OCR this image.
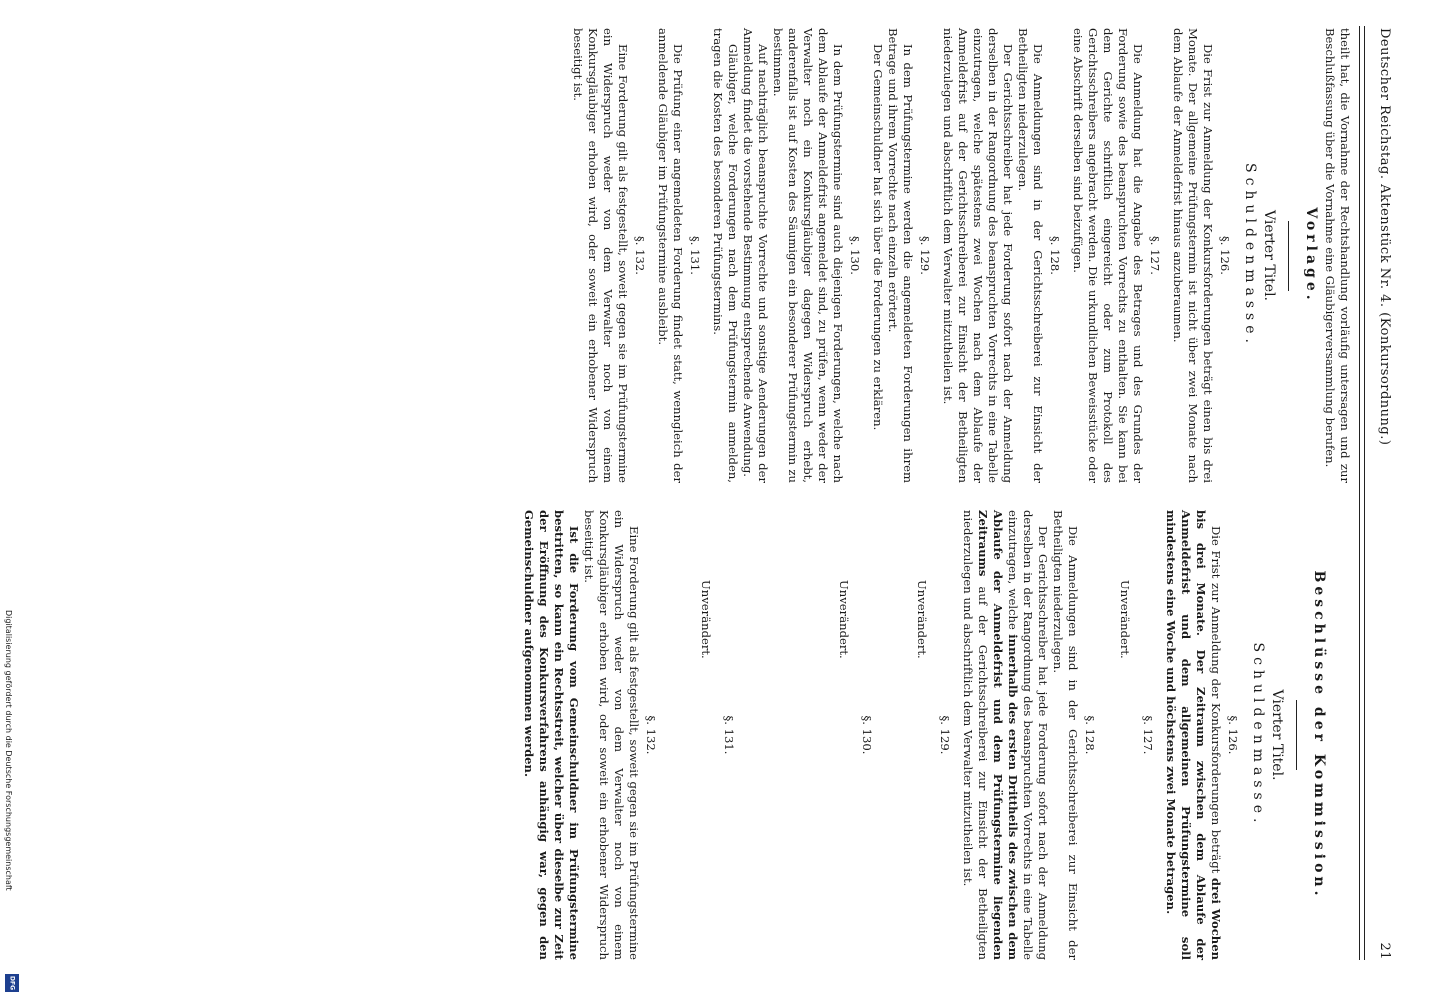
Deutscher Reichstag. Aktenstück Nr. 4. (Konkursordnung.)
21

theilt hat, die Vornahme der Rechtshandlung vorläufig untersagen und zur Beschlußfassung über die Vornahme eine Gläubigerversammlung berufen.

Vorlage.
Vierter Titel.
Schuldenmasse.
§. 126.

Die Frist zur Anmeldung der Konkursforderungen beträgt einen bis drei Monate. Der allgemeine Prüfungstermin ist nicht über zwei Monate nach dem Ablaufe der Anmeldefrist hinaus anzuberaumen.

§. 127.

Die Anmeldung hat die Angabe des Betrages und des Grundes der Forderung sowie des beanspruchten Vorrechts zu enthalten. Sie kann bei dem Gerichte schriftlich eingereicht oder zum Protokoll des Gerichtsschreibers angebracht werden. Die urkundlichen Beweisstücke oder eine Abschrift derselben sind beizufügen.

§. 128.

Die Anmeldungen sind in der Gerichtsschreiberei zur Einsicht der Betheiligten niederzulegen.

Der Gerichtsschreiber hat jede Forderung sofort nach der Anmeldung derselben in der Rangordnung des beanspruchten Vorrechts in eine Tabelle einzutragen, welche spätestens zwei Wochen nach dem Ablaufe der Anmeldefrist auf der Gerichtsschreiberei zur Einsicht der Betheiligten niederzulegen und abschriftlich dem Verwalter mitzutheilen ist.

§. 129.

In dem Prüfungstermine werden die angemeldeten Forderungen ihrem Betrage und ihrem Vorrechte nach einzeln erörtert.

Der Gemeinschuldner hat sich über die Forderungen zu erklären.

§. 130.

In dem Prüfungstermine sind auch diejenigen Forderungen, welche nach dem Ablaufe der Anmeldefrist angemeldet sind, zu prüfen, wenn weder der Verwalter noch ein Konkursgläubiger dagegen Widerspruch erhebt, anderenfalls ist auf Kosten des Säumigen ein besonderer Prüfungstermin zu bestimmen.

Auf nachträglich beanspruchte Vorrechte und sonstige Aenderungen der Anmeldung findet die vorstehende Bestimmung entsprechende Anwendung.

Gläubiger, welche Forderungen nach dem Prüfungstermin anmelden, tragen die Kosten des besonderen Prüfungstermins.

§. 131.

Die Prüfung einer angemeldeten Forderung findet statt, wenngleich der anmeldende Gläubiger im Prüfungstermine ausbleibt.

§. 132.

Eine Forderung gilt als festgestellt, soweit gegen sie im Prüfungstermine ein Widerspruch weder von dem Verwalter noch von einem Konkursgläubiger erhoben wird, oder soweit ein erhobener Widerspruch beseitigt ist.

Beschlüsse der Kommission.
Vierter Titel.
Schuldenmasse.
§. 126.

Die Frist zur Anmeldung der Konkursforderungen beträgt drei Wochen bis drei Monate. Der Zeitraum zwischen dem Ablaufe der Anmeldefrist und dem allgemeinen Prüfungstermine soll mindestens eine Woche und höchstens zwei Monate betragen.

§. 127.
Unverändert.
§. 128.

Die Anmeldungen sind in der Gerichtsschreiberei zur Einsicht der Betheiligten niederzulegen.

Der Gerichtsschreiber hat jede Forderung sofort nach der Anmeldung derselben in der Rangordnung des beanspruchten Vorrechts in eine Tabelle einzutragen, welche innerhalb des ersten Drittheils des zwischen dem Ablaufe der Anmeldefrist und dem Prüfungstermine liegenden Zeitraums auf der Gerichtsschreiberei zur Einsicht der Betheiligten niederzulegen und abschriftlich dem Verwalter mitzutheilen ist.

§. 129.
Unverändert.
§. 130.
Unverändert.
§. 131.
Unverändert.
§. 132.

Eine Forderung gilt als festgestellt, soweit gegen sie im Prüfungstermine ein Widerspruch weder von dem Verwalter noch von einem Konkursgläubiger erhoben wird, oder soweit ein erhobener Widerspruch beseitigt ist.

Ist die Forderung vom Gemeinschuldner im Prüfungstermine bestritten, so kann ein Rechtsstreit, welcher über dieselbe zur Zeit der Eröffnung des Konkursverfahrens anhängig war, gegen den Gemeinschuldner aufgenommen werden.

Digitalisierung gefördert durch die Deutsche Forschungsgemeinschaft
DFG
